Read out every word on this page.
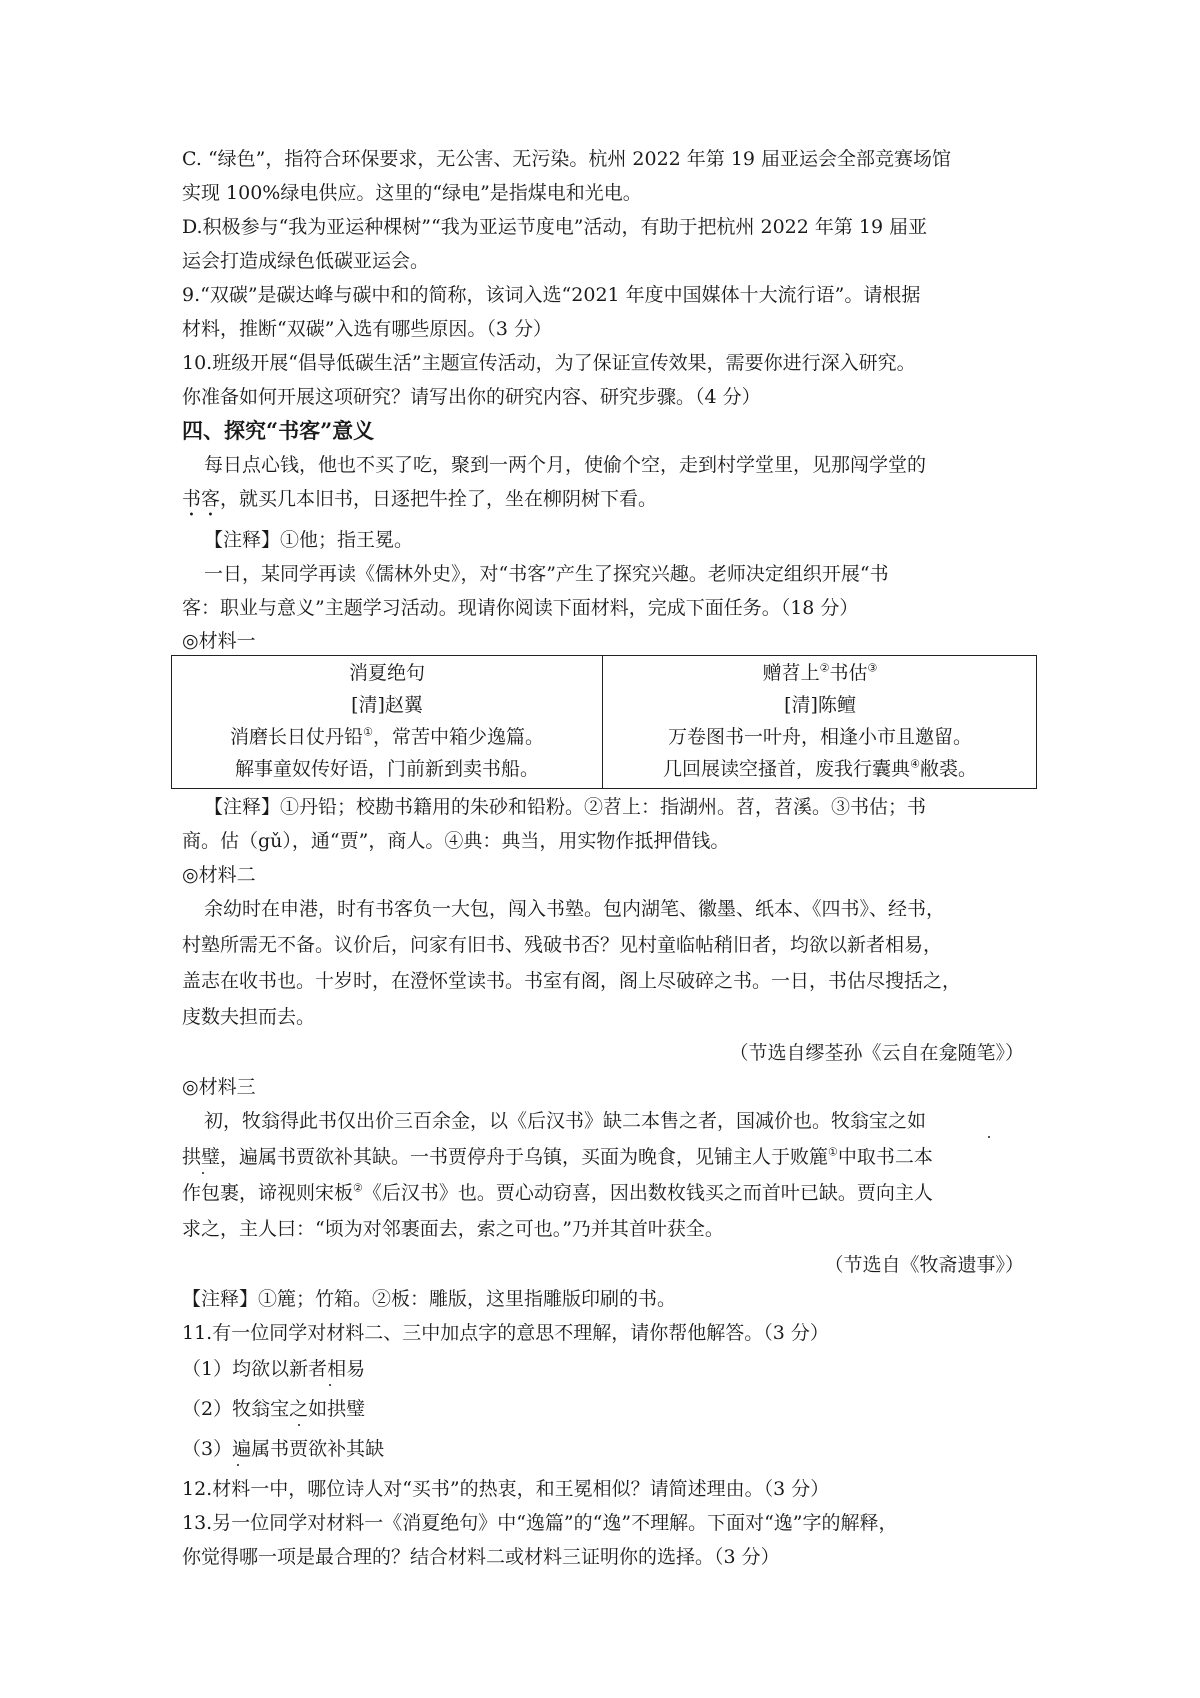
C. “绿色”，指符合环保要求，无公害、无污染。杭州 2022 年第 19 届亚运会全部竞赛场馆
实现 100%绿电供应。这里的“绿电”是指煤电和光电。
D.积极参与“我为亚运种棵树”“我为亚运节度电”活动，有助于把杭州 2022 年第 19 届亚
运会打造成绿色低碳亚运会。
9.“双碳”是碳达峰与碳中和的简称，该词入选“2021 年度中国媒体十大流行语”。请根据
材料，推断“双碳”入选有哪些原因。（3 分）
10.班级开展“倡导低碳生活”主题宣传活动，为了保证宣传效果，需要你进行深入研究。
你准备如何开展这项研究？请写出你的研究内容、研究步骤。（4 分）
四、探究“书客”意义
每日点心钱，他也不买了吃，聚到一两个月，使偷个空，走到村学堂里，见那闯学堂的
书客，就买几本旧书，日逐把牛拴了，坐在柳阴树下看。
【注释】①他；指王冕。
一日，某同学再读《儒林外史》，对“书客”产生了探究兴趣。老师决定组织开展“书
客：职业与意义”主题学习活动。现请你阅读下面材料，完成下面任务。（18 分）
◎材料一
消夏绝句
[清]赵翼
消磨长日仗丹铅①，常苦中箱少逸篇。
解事童奴传好语，门前新到卖书船。
赠苕上②书估③
[清]陈鳣
万卷图书一叶舟，相逢小市且邀留。
几回展读空搔首，废我行囊典④敝裘。
【注释】①丹铅；校勘书籍用的朱砂和铅粉。②苕上：指湖州。苕，苕溪。③书估；书
商。估（gǔ），通“贾”，商人。④典：典当，用实物作抵押借钱。
◎材料二
余幼时在申港，时有书客负一大包，闯入书塾。包内湖笔、徽墨、纸本、《四书》、经书，
村塾所需无不备。议价后，问家有旧书、残破书否？见村童临帖稍旧者，均欲以新者相易，
盖志在收书也。十岁时，在澄怀堂读书。书室有阁，阁上尽破碎之书。一日，书估尽搜括之，
庋数夫担而去。
（节选自缪荃孙《云自在龛随笔》）
◎材料三
初，牧翁得此书仅出价三百余金，以《后汉书》缺二本售之者，国减价也。牧翁宝之如
拱璧，遍属书贾欲补其缺。一书贾停舟于乌镇，买面为晚食，见铺主人于败簏①中取书二本
作包裹，谛视则宋板②《后汉书》也。贾心动窃喜，因出数枚钱买之而首叶已缺。贾向主人
求之，主人曰：“顷为对邻裹面去，索之可也。”乃并其首叶获全。
（节选自《牧斋遗事》）
【注释】①簏；竹箱。②板：雕版，这里指雕版印刷的书。
11.有一位同学对材料二、三中加点字的意思不理解，请你帮他解答。（3 分）
（1）均欲以新者相易
（2）牧翁宝之如拱璧
（3）遍属书贾欲补其缺
12.材料一中，哪位诗人对“买书”的热衷，和王冕相似？请简述理由。（3 分）
13.另一位同学对材料一《消夏绝句》中“逸篇”的“逸”不理解。下面对“逸”字的解释，
你觉得哪一项是最合理的？结合材料二或材料三证明你的选择。（3 分）
